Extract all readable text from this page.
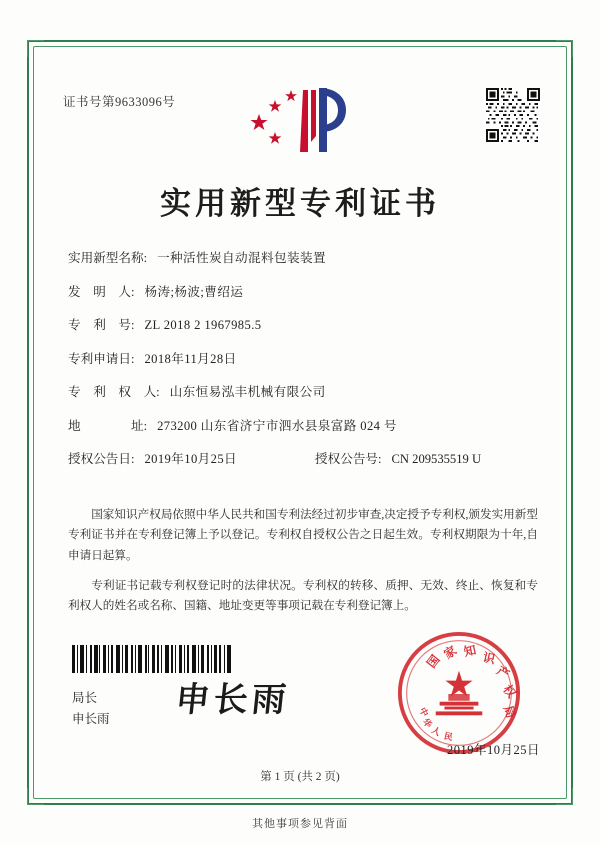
证书号第9633096号
实用新型专利证书
实用新型名称: 一种活性炭自动混料包装装置
发　明　人: 杨涛;杨波;曹绍运
专　利　号: ZL 2018 2 1967985.5
专利申请日: 2018年11月28日
专　利　权　人: 山东恒易泓丰机械有限公司
地　　　　址: 273200 山东省济宁市泗水县泉富路 024 号
授权公告日: 2019年10月25日	授权公告号: CN 209535519 U

国家知识产权局依照中华人民共和国专利法经过初步审查,决定授予专利权,颁发实用新型专利证书并在专利登记簿上予以登记。专利权自授权公告之日起生效。专利权期限为十年,自申请日起算。

专利证书记载专利权登记时的法律状况。专利权的转移、质押、无效、终止、恢复和专利权人的姓名或名称、国籍、地址变更等事项记载在专利登记簿上。

局长
申长雨 申长雨
国
家 知 识
产
权
局
中
华
人 民
2019年10月25日
第 1 页 (共 2 页)
其他事项参见背面
